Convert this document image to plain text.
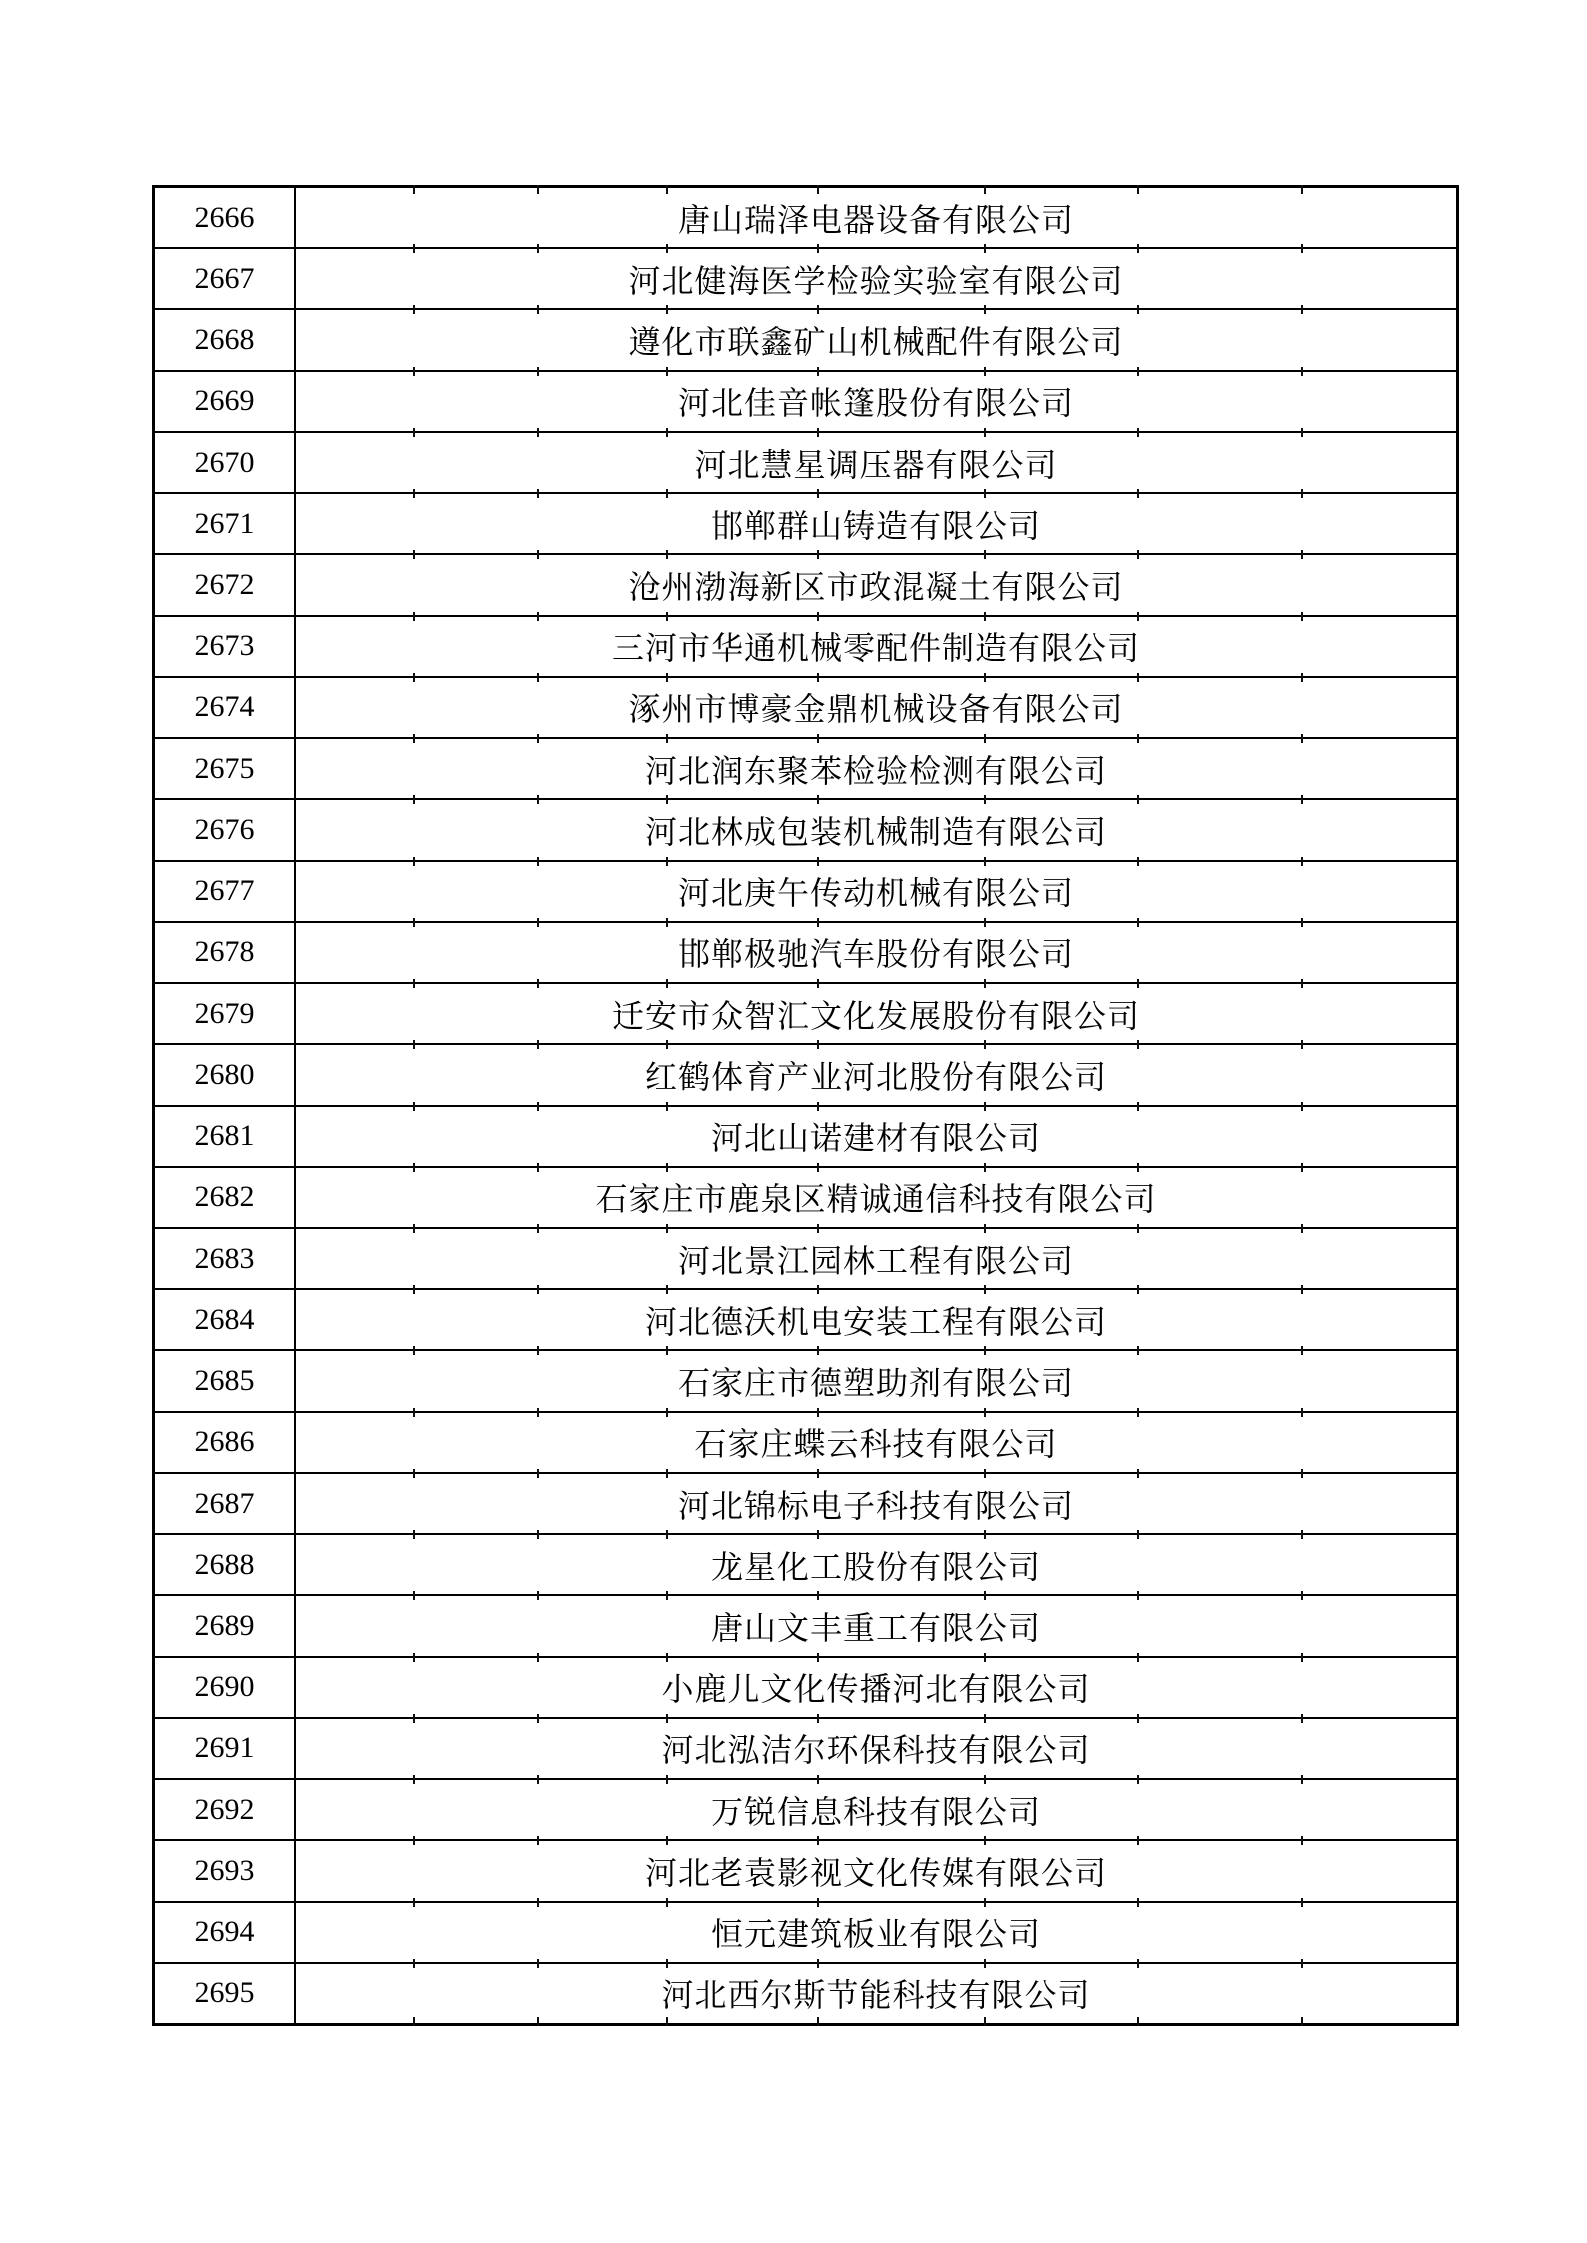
2666	唐山瑞泽电器设备有限公司
2667	河北健海医学检验实验室有限公司
2668	遵化市联鑫矿山机械配件有限公司
2669	河北佳音帐篷股份有限公司
2670	河北慧星调压器有限公司
2671	邯郸群山铸造有限公司
2672	沧州渤海新区市政混凝土有限公司
2673	三河市华通机械零配件制造有限公司
2674	涿州市博豪金鼎机械设备有限公司
2675	河北润东聚苯检验检测有限公司
2676	河北林成包装机械制造有限公司
2677	河北庚午传动机械有限公司
2678	邯郸极驰汽车股份有限公司
2679	迁安市众智汇文化发展股份有限公司
2680	红鹤体育产业河北股份有限公司
2681	河北山诺建材有限公司
2682	石家庄市鹿泉区精诚通信科技有限公司
2683	河北景江园林工程有限公司
2684	河北德沃机电安装工程有限公司
2685	石家庄市德塑助剂有限公司
2686	石家庄蝶云科技有限公司
2687	河北锦标电子科技有限公司
2688	龙星化工股份有限公司
2689	唐山文丰重工有限公司
2690	小鹿儿文化传播河北有限公司
2691	河北泓洁尔环保科技有限公司
2692	万锐信息科技有限公司
2693	河北老袁影视文化传媒有限公司
2694	恒元建筑板业有限公司
2695	河北西尔斯节能科技有限公司
